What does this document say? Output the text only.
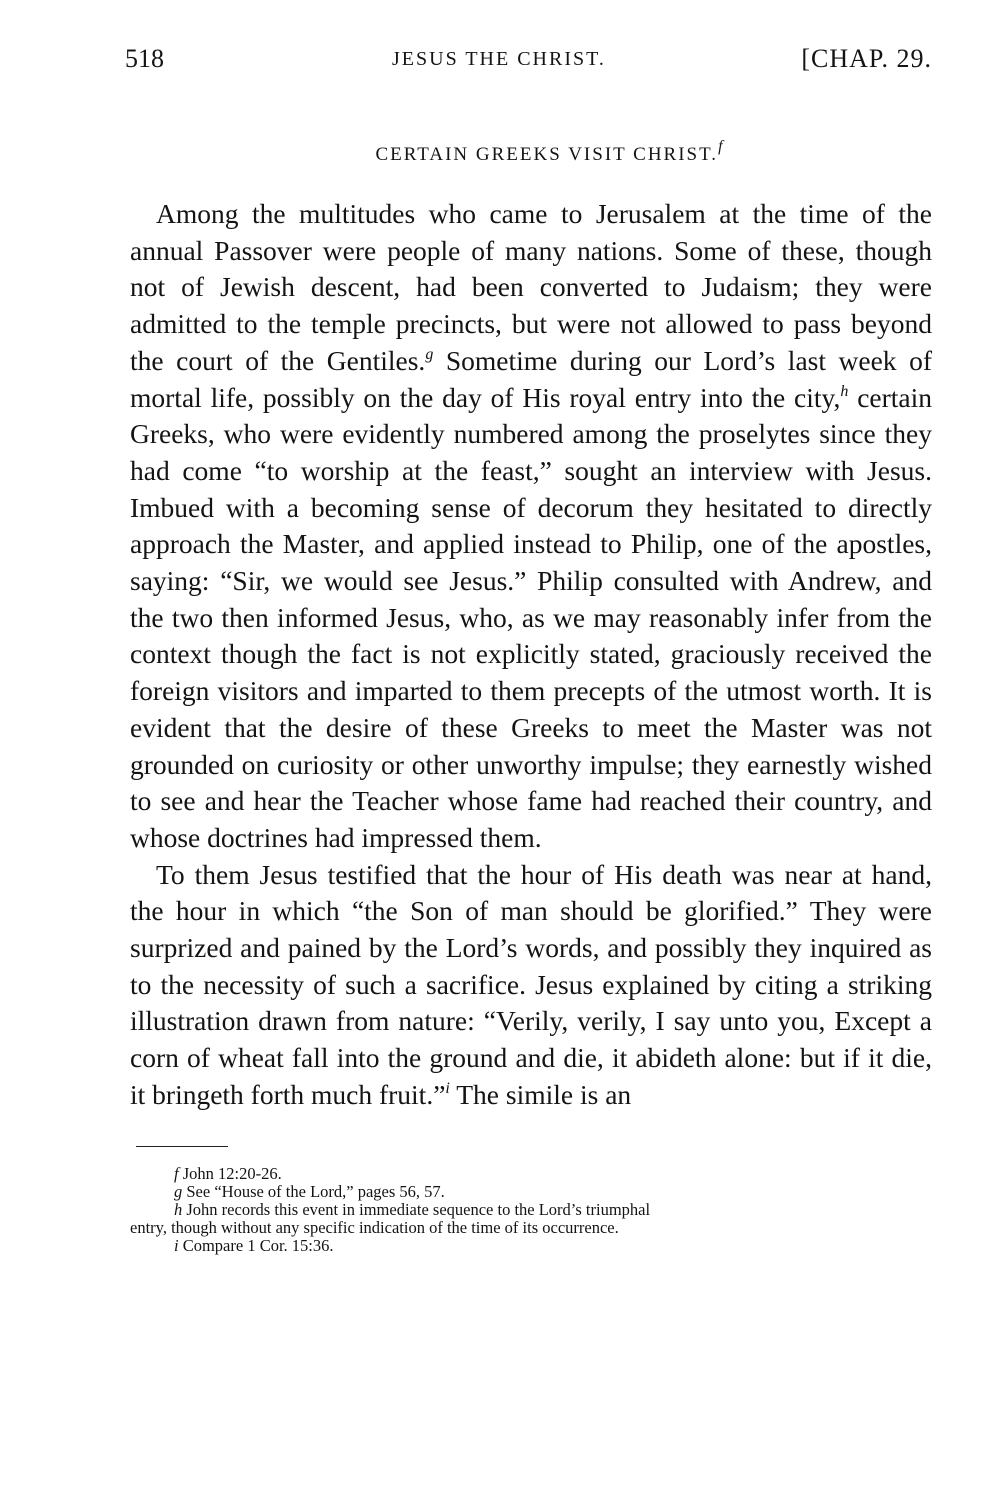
518	JESUS THE CHRIST.	[CHAP. 29.
CERTAIN GREEKS VISIT CHRIST.$^f$

Among the multitudes who came to Jerusalem at the time of the annual Passover were people of many nations. Some of these, though not of Jewish descent, had been converted to Judaism; they were admitted to the temple precincts, but were not allowed to pass beyond the court of the Gentiles.$^g$ Sometime during our Lord’s last week of mortal life, possibly on the day of His royal entry into the city,$^h$ certain Greeks, who were evidently numbered among the proselytes since they had come “to worship at the feast,” sought an interview with Jesus. Imbued with a becoming sense of decorum they hesitated to directly approach the Master, and applied instead to Philip, one of the apostles, saying: “Sir, we would see Jesus.” Philip consulted with Andrew, and the two then informed Jesus, who, as we may reasonably infer from the context though the fact is not explicitly stated, graciously received the foreign visitors and imparted to them precepts of the utmost worth. It is evident that the desire of these Greeks to meet the Master was not grounded on curiosity or other unworthy impulse; they earnestly wished to see and hear the Teacher whose fame had reached their country, and whose doctrines had impressed them.

To them Jesus testified that the hour of His death was near at hand, the hour in which “the Son of man should be glorified.” They were surprized and pained by the Lord’s words, and possibly they inquired as to the necessity of such a sacrifice. Jesus explained by citing a striking illustration drawn from nature: “Verily, verily, I say unto you, Except a corn of wheat fall into the ground and die, it abideth alone: but if it die, it bringeth forth much fruit.”$^i$ The simile is an

f John 12:20-26.

g See “House of the Lord,” pages 56, 57.

h John records this event in immediate sequence to the Lord’s triumphal

entry, though without any specific indication of the time of its occurrence.

i Compare 1 Cor. 15:36.
